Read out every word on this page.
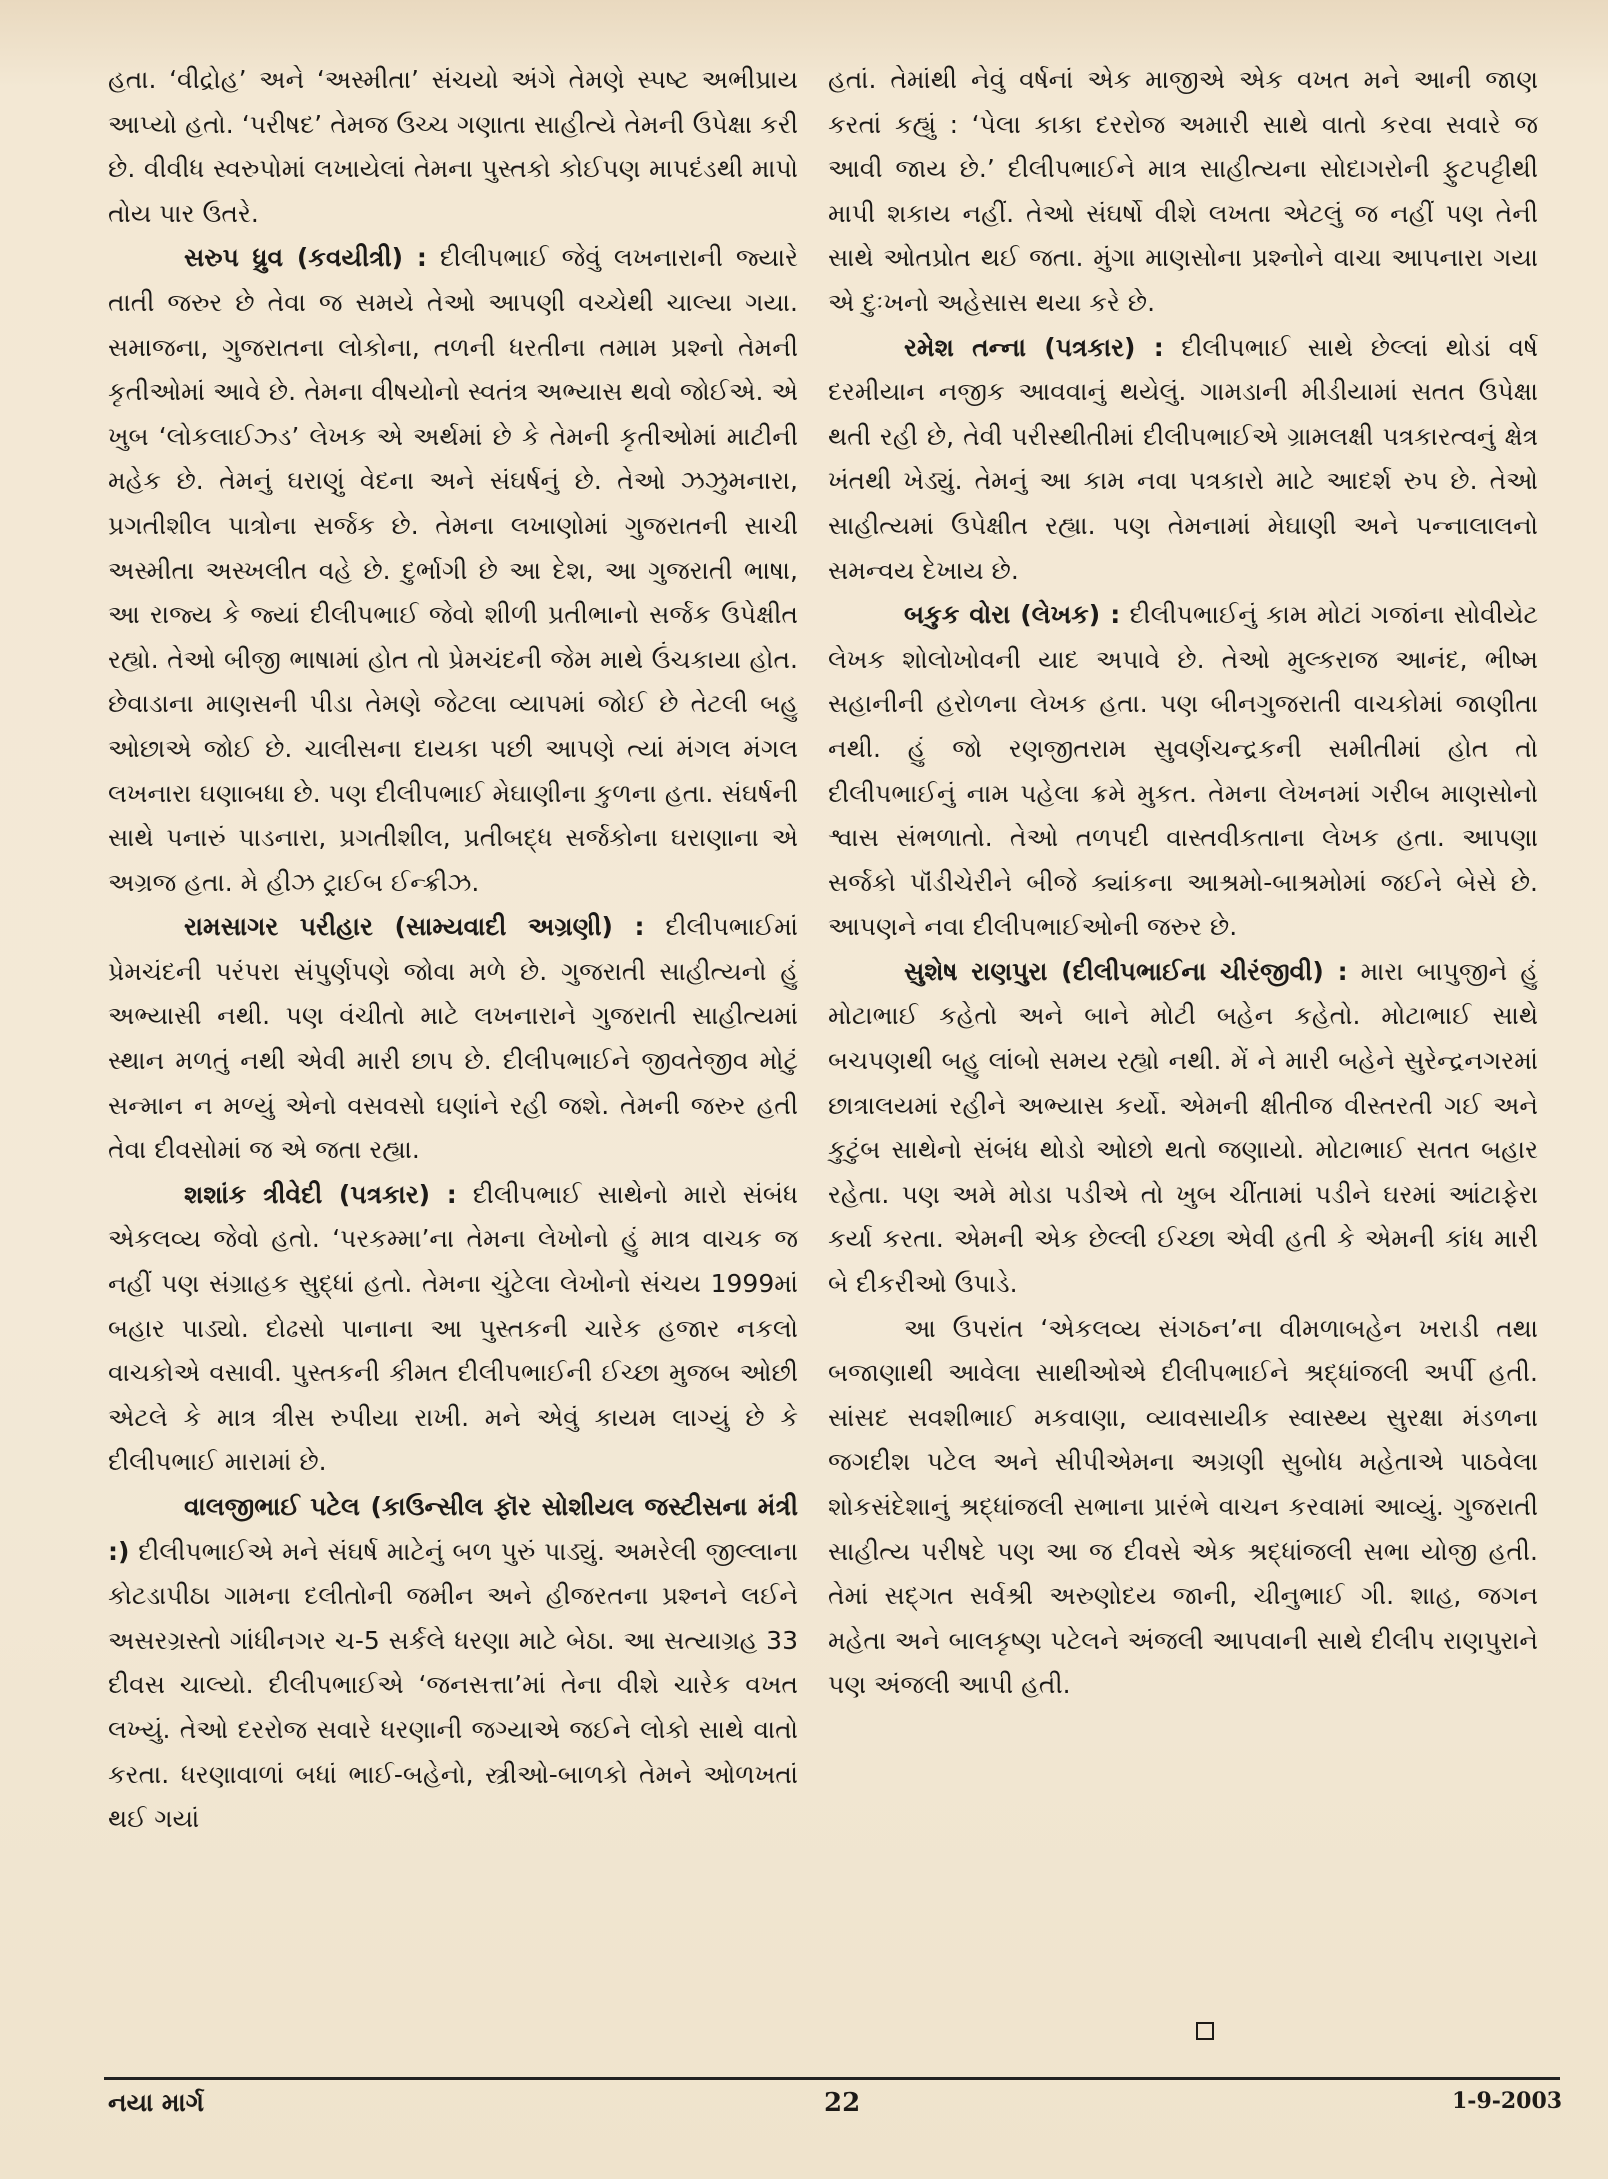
હતા. ‘વીદ્રોહ’ અને ‘અસ્મીતા’ સંચયો અંગે તેમણે સ્પષ્ટ અભીપ્રાય આપ્યો હતો. ‘પરીષદ’ તેમજ ઉચ્ચ ગણાતા સાહીત્યે તેમની ઉપેક્ષા કરી છે. વીવીધ સ્વરુપોમાં લખાયેલાં તેમના પુસ્તકો કોઈપણ માપદંડથી માપો તોય પાર ઉતરે.

સરુપ ધ્રુવ (કવયીત્રી) : દીલીપભાઈ જેવું લખનારાની જ્યારે તાતી જરુર છે તેવા જ સમયે તેઓ આપણી વચ્ચેથી ચાલ્યા ગયા. સમાજના, ગુજરાતના લોકોના, તળની ધરતીના તમામ પ્રશ્નો તેમની કૃતીઓમાં આવે છે. તેમના વીષયોનો સ્વતંત્ર અભ્યાસ થવો જોઈએ. એ ખુબ ‘લોકલાઈઝ્ડ’ લેખક એ અર્થમાં છે કે તેમની કૃતીઓમાં માટીની મહેક છે. તેમનું ઘરાણું વેદના અને સંઘર્ષનું છે. તેઓ ઝઝુમનારા, પ્રગતીશીલ પાત્રોના સર્જક છે. તેમના લખાણોમાં ગુજરાતની સાચી અસ્મીતા અસ્ખલીત વહે છે. દુર્ભાગી છે આ દેશ, આ ગુજરાતી ભાષા, આ રાજ્ય કે જ્યાં દીલીપભાઈ જેવો શીળી પ્રતીભાનો સર્જક ઉપેક્ષીત રહ્યો. તેઓ બીજી ભાષામાં હોત તો પ્રેમચંદની જેમ માથે ઉંચકાયા હોત. છેવાડાના માણસની પીડા તેમણે જેટલા વ્યાપમાં જોઈ છે તેટલી બહુ ઓછાએ જોઈ છે. ચાલીસના દાયકા પછી આપણે ત્યાં મંગલ મંગલ લખનારા ઘણાબધા છે. પણ દીલીપભાઈ મેઘાણીના કુળના હતા. સંઘર્ષની સાથે પનારું પાડનારા, પ્રગતીશીલ, પ્રતીબદ્ધ સર્જકોના ઘરાણાના એ અગ્રજ હતા. મે હીઝ ટ્રાઈબ ઈન્ક્રીઝ.

રામસાગર પરીહાર (સામ્યવાદી અગ્રણી) : દીલીપભાઈમાં પ્રેમચંદની પરંપરા સંપુર્ણપણે જોવા મળે છે. ગુજરાતી સાહીત્યનો હું અભ્યાસી નથી. પણ વંચીતો માટે લખનારાને ગુજરાતી સાહીત્યમાં સ્થાન મળતું નથી એવી મારી છાપ છે. દીલીપભાઈને જીવતેજીવ મોટું સન્માન ન મળ્યું એનો વસવસો ઘણાંને રહી જશે. તેમની જરુર હતી તેવા દીવસોમાં જ એ જતા રહ્યા.

શશાંક ત્રીવેદી (પત્રકાર) : દીલીપભાઈ સાથેનો મારો સંબંધ એકલવ્ય જેવો હતો. ‘પરકમ્મા’ના તેમના લેખોનો હું માત્ર વાચક જ નહીં પણ સંગ્રાહક સુદ્ધાં હતો. તેમના ચુંટેલા લેખોનો સંચય 1999માં બહાર પાડ્યો. દોઢસો પાનાના આ પુસ્તકની ચારેક હજાર નકલો વાચકોએ વસાવી. પુસ્તકની કીમત દીલીપભાઈની ઈચ્છા મુજબ ઓછી એટલે કે માત્ર ત્રીસ રુપીયા રાખી. મને એવું કાયમ લાગ્યું છે કે દીલીપભાઈ મારામાં છે.

વાલજીભાઈ પટેલ (કાઉન્સીલ ફૉર સોશીયલ જસ્ટીસના મંત્રી :) દીલીપભાઈએ મને સંઘર્ષ માટેનું બળ પુરું પાડ્યું. અમરેલી જીલ્લાના કોટડાપીઠા ગામના દલીતોની જમીન અને હીજરતના પ્રશ્નને લઈને અસરગ્રસ્તો ગાંધીનગર ચ-5 સર્કલે ધરણા માટે બેઠા. આ સત્યાગ્રહ 33 દીવસ ચાલ્યો. દીલીપભાઈએ ‘જનસત્તા’માં તેના વીશે ચારેક વખત લખ્યું. તેઓ દરરોજ સવારે ધરણાની જગ્યાએ જઈને લોકો સાથે વાતો કરતા. ધરણાવાળાં બધાં ભાઈ-બહેનો, સ્ત્રીઓ-બાળકો તેમને ઓળખતાં થઈ ગયાં

હતાં. તેમાંથી નેવું વર્ષનાં એક માજીએ એક વખત મને આની જાણ કરતાં કહ્યું : ‘પેલા કાકા દરરોજ અમારી સાથે વાતો કરવા સવારે જ આવી જાય છે.’ દીલીપભાઈને માત્ર સાહીત્યના સોદાગરોની ફુટપટ્ટીથી માપી શકાય નહીં. તેઓ સંઘર્ષો વીશે લખતા એટલું જ નહીં પણ તેની સાથે ઓતપ્રોત થઈ જતા. મુંગા માણસોના પ્રશ્નોને વાચા આપનારા ગયા એ દુઃખનો અહેસાસ થયા કરે છે.

રમેશ તન્ના (પત્રકાર) : દીલીપભાઈ સાથે છેલ્લાં થોડાં વર્ષ દરમીયાન નજીક આવવાનું થયેલું. ગામડાની મીડીયામાં સતત ઉપેક્ષા થતી રહી છે, તેવી પરીસ્થીતીમાં દીલીપભાઈએ ગ્રામલક્ષી પત્રકારત્વનું ક્ષેત્ર ખંતથી ખેડ્યું. તેમનું આ કામ નવા પત્રકારો માટે આદર્શ રુપ છે. તેઓ સાહીત્યમાં ઉપેક્ષીત રહ્યા. પણ તેમનામાં મેઘાણી અને પન્નાલાલનો સમન્વય દેખાય છે.

બકુક વોરા (લેખક) : દીલીપભાઈનું કામ મોટાં ગજાંના સોવીયેટ લેખક શોલોખોવની યાદ અપાવે છે. તેઓ મુલ્કરાજ આનંદ, ભીષ્મ સહાનીની હરોળના લેખક હતા. પણ બીનગુજરાતી વાચકોમાં જાણીતા નથી. હું જો રણજીતરામ સુવર્ણચન્દ્રકની સમીતીમાં હોત તો દીલીપભાઈનું નામ પહેલા ક્રમે મુકત. તેમના લેખનમાં ગરીબ માણસોનો શ્વાસ સંભળાતો. તેઓ તળપદી વાસ્તવીકતાના લેખક હતા. આપણા સર્જકો પૉંડીચેરીને બીજે ક્યાંકના આશ્રમો-બાશ્રમોમાં જઈને બેસે છે. આપણને નવા દીલીપભાઈઓની જરુર છે.

સુશેષ રાણપુરા (દીલીપભાઈના ચીરંજીવી) : મારા બાપુજીને હું મોટાભાઈ કહેતો અને બાને મોટી બહેન કહેતો. મોટાભાઈ સાથે બચપણથી બહુ લાંબો સમય રહ્યો નથી. મેં ને મારી બહેને સુરેન્દ્રનગરમાં છાત્રાલયમાં રહીને અભ્યાસ કર્યો. એમની ક્ષીતીજ વીસ્તરતી ગઈ અને કુટુંબ સાથેનો સંબંધ થોડો ઓછો થતો જણાયો. મોટાભાઈ સતત બહાર રહેતા. પણ અમે મોડા પડીએ તો ખુબ ચીંતામાં પડીને ઘરમાં આંટાફેરા કર્યા કરતા. એમની એક છેલ્લી ઈચ્છા એવી હતી કે એમની કાંધ મારી બે દીકરીઓ ઉપાડે.

આ ઉપરાંત ‘એકલવ્ય સંગઠન’ના વીમળાબહેન ખરાડી તથા બજાણાથી આવેલા સાથીઓએ દીલીપભાઈને શ્રદ્ધાંજલી અર્પી હતી. સાંસદ સવશીભાઈ મકવાણા, વ્યાવસાયીક સ્વાસ્થ્ય સુરક્ષા મંડળના જગદીશ પટેલ અને સીપીએમના અગ્રણી સુબોધ મહેતાએ પાઠવેલા શોકસંદેશાનું શ્રદ્ધાંજલી સભાના પ્રારંભે વાચન કરવામાં આવ્યું. ગુજરાતી સાહીત્ય પરીષદે પણ આ જ દીવસે એક શ્રદ્ધાંજલી સભા યોજી હતી. તેમાં સદ્‌ગત સર્વશ્રી અરુણોદય જાની, ચીનુભાઈ ગી. શાહ, જગન મહેતા અને બાલકૃષ્ણ પટેલને અંજલી આપવાની સાથે દીલીપ રાણપુરાને પણ અંજલી આપી હતી.

નયા માર્ગ	22	1-9-2003
